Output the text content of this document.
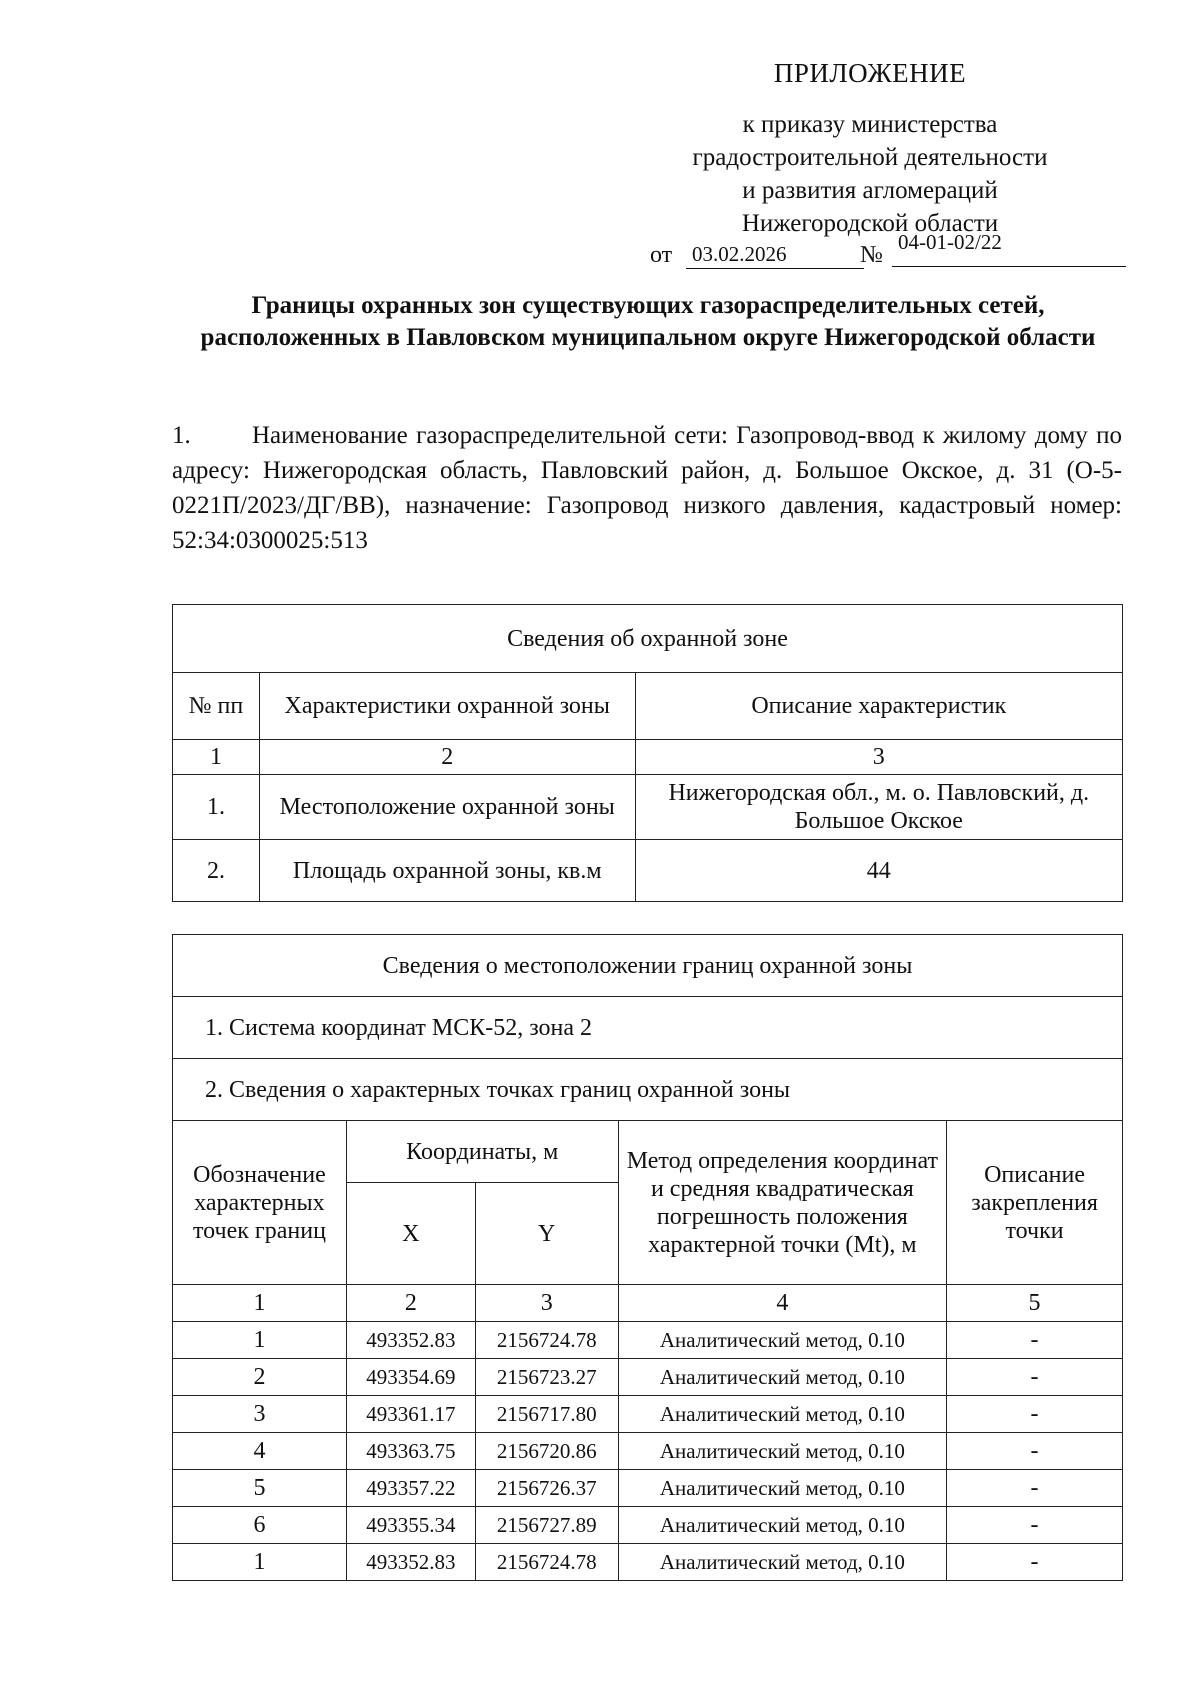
ПРИЛОЖЕНИЕ
к приказу министерства
градостроительной деятельности
и развития агломераций
Нижегородской области
от 03.02.2026	№ 04-01-02/22
Границы охранных зон существующих газораспределительных сетей, расположенных в Павловском муниципальном округе Нижегородской области
1. Наименование газораспределительной сети: Газопровод-ввод к жилому дому по адресу: Нижегородская область, Павловский район, д. Большое Окское, д. 31 (О-5-0221П/2023/ДГ/ВВ), назначение: Газопровод низкого давления, кадастровый номер: 52:34:0300025:513
Сведения об охранной зоне		
№ пп	Характеристики охранной зоны	Описание характеристик
1	2	3
1.	Местоположение охранной зоны	Нижегородская обл., м. о. Павловский, д. Большое Окское
2.	Площадь охранной зоны, кв.м	44
Сведения о местоположении границ охранной зоны				
1. Система координат МСК-52, зона 2				
2. Сведения о характерных точках границ охранной зоны				
Обозначение характерных точек границ	Координаты, м		Метод определения координат и средняя квадратическая погрешность положения характерной точки (Mt), м	Описание закрепления точки
	X	Y		
1	2	3	4	5
1	493352.83	2156724.78	Аналитический метод, 0.10	-
2	493354.69	2156723.27	Аналитический метод, 0.10	-
3	493361.17	2156717.80	Аналитический метод, 0.10	-
4	493363.75	2156720.86	Аналитический метод, 0.10	-
5	493357.22	2156726.37	Аналитический метод, 0.10	-
6	493355.34	2156727.89	Аналитический метод, 0.10	-
1	493352.83	2156724.78	Аналитический метод, 0.10	-
